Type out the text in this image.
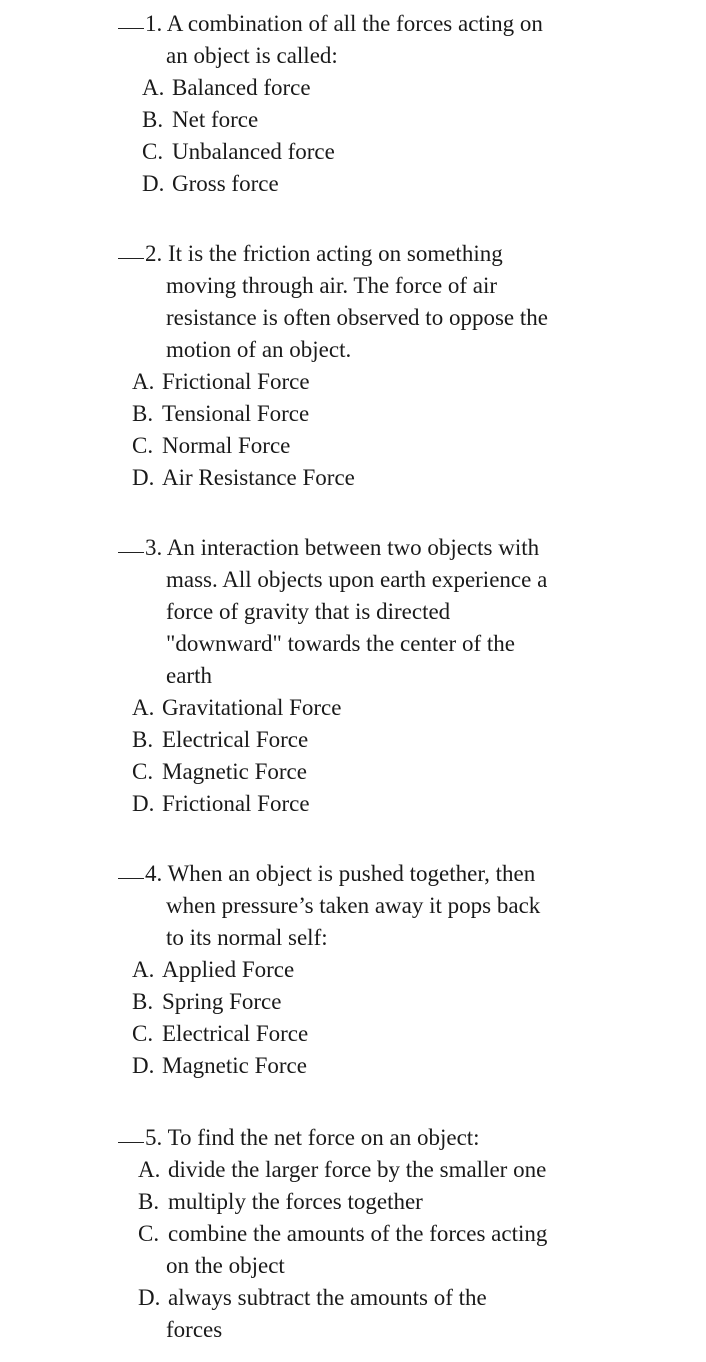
1. A combination of all the forces acting on
an object is called:
A. Balanced force
B. Net force
C. Unbalanced force
D. Gross force
2. It is the friction acting on something
moving through air. The force of air
resistance is often observed to oppose the
motion of an object.
A. Frictional Force
B. Tensional Force
C. Normal Force
D. Air Resistance Force
3. An interaction between two objects with
mass. All objects upon earth experience a
force of gravity that is directed
"downward" towards the center of the
earth
A. Gravitational Force
B. Electrical Force
C. Magnetic Force
D. Frictional Force
4. When an object is pushed together, then
when pressure’s taken away it pops back
to its normal self:
A. Applied Force
B. Spring Force
C. Electrical Force
D. Magnetic Force
5. To find the net force on an object:
A. divide the larger force by the smaller one
B. multiply the forces together
C. combine the amounts of the forces acting
on the object
D. always subtract the amounts of the
forces
